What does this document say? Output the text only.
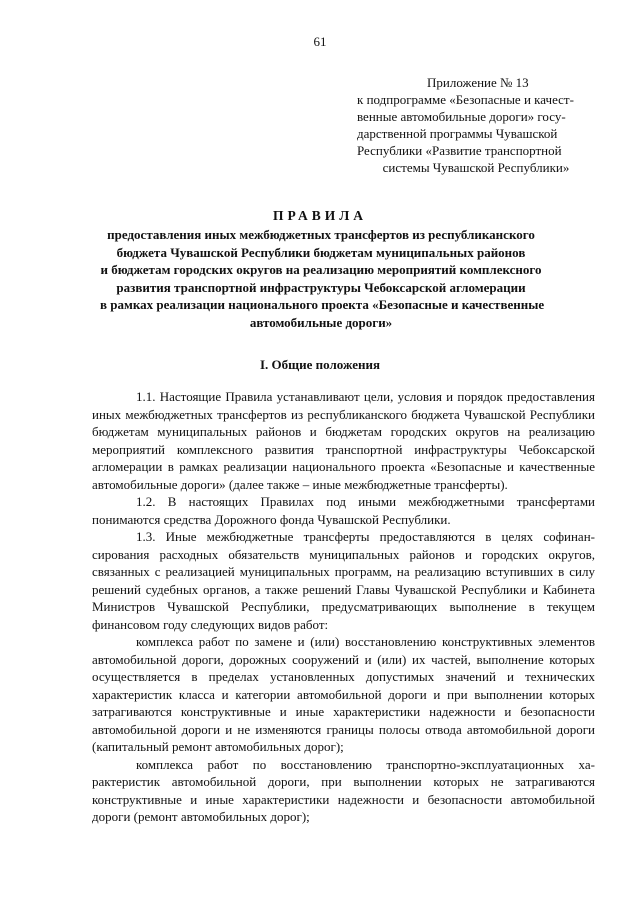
61
Приложение № 13
к подпрограмме «Безопасные и качест-
венные автомобильные дороги» госу-
дарственной программы Чувашской
Республики «Развитие транспортной
системы Чувашской Республики»
ПРАВИЛА
предоставления иных межбюджетных трансфертов из республиканского
бюджета Чувашской Республики бюджетам муниципальных районов
и бюджетам городских округов на реализацию мероприятий комплексного
развития транспортной инфраструктуры Чебоксарской агломерации
в рамках реализации национального проекта «Безопасные и качественные
автомобильные дороги»
I. Общие положения

1.1. Настоящие Правила устанавливают цели, условия и порядок предоставления иных межбюджетных трансфертов из республиканского бюджета Чувашской Республики бюджетам муниципальных районов и бюджетам городских округов на реализацию мероприятий комплексного развития транспортной инфраструктуры Чебоксарской агломерации в рамках реализации национального проекта «Безопасные и качественные автомобильные дороги» (далее также – иные межбюджетные трансферты).

1.2. В настоящих Правилах под иными межбюджетными трансфертами понимаются средства Дорожного фонда Чувашской Республики.

1.3. Иные межбюджетные трансферты предоставляются в целях софинансирования расходных обязательств муниципальных районов и городских округов, связанных с реализацией муниципальных программ, на реализацию вступивших в силу решений судебных органов, а также решений Главы Чувашской Республики и Кабинета Министров Чувашской Республики, предусматривающих выполнение в текущем финансовом году следующих видов работ:

комплекса работ по замене и (или) восстановлению конструктивных элементов автомобильной дороги, дорожных сооружений и (или) их частей, выполнение которых осуществляется в пределах установленных допустимых значений и технических характеристик класса и категории автомобильной дороги и при выполнении которых затрагиваются конструктивные и иные характеристики надежности и безопасности автомобильной дороги и не изменяются границы полосы отвода автомобильной дороги (капитальный ремонт автомобильных дорог);

комплекса работ по восстановлению транспортно-эксплуатационных характеристик автомобильной дороги, при выполнении которых не затрагиваются конструктивные и иные характеристики надежности и безопасности автомобильной дороги (ремонт автомобильных дорог);
